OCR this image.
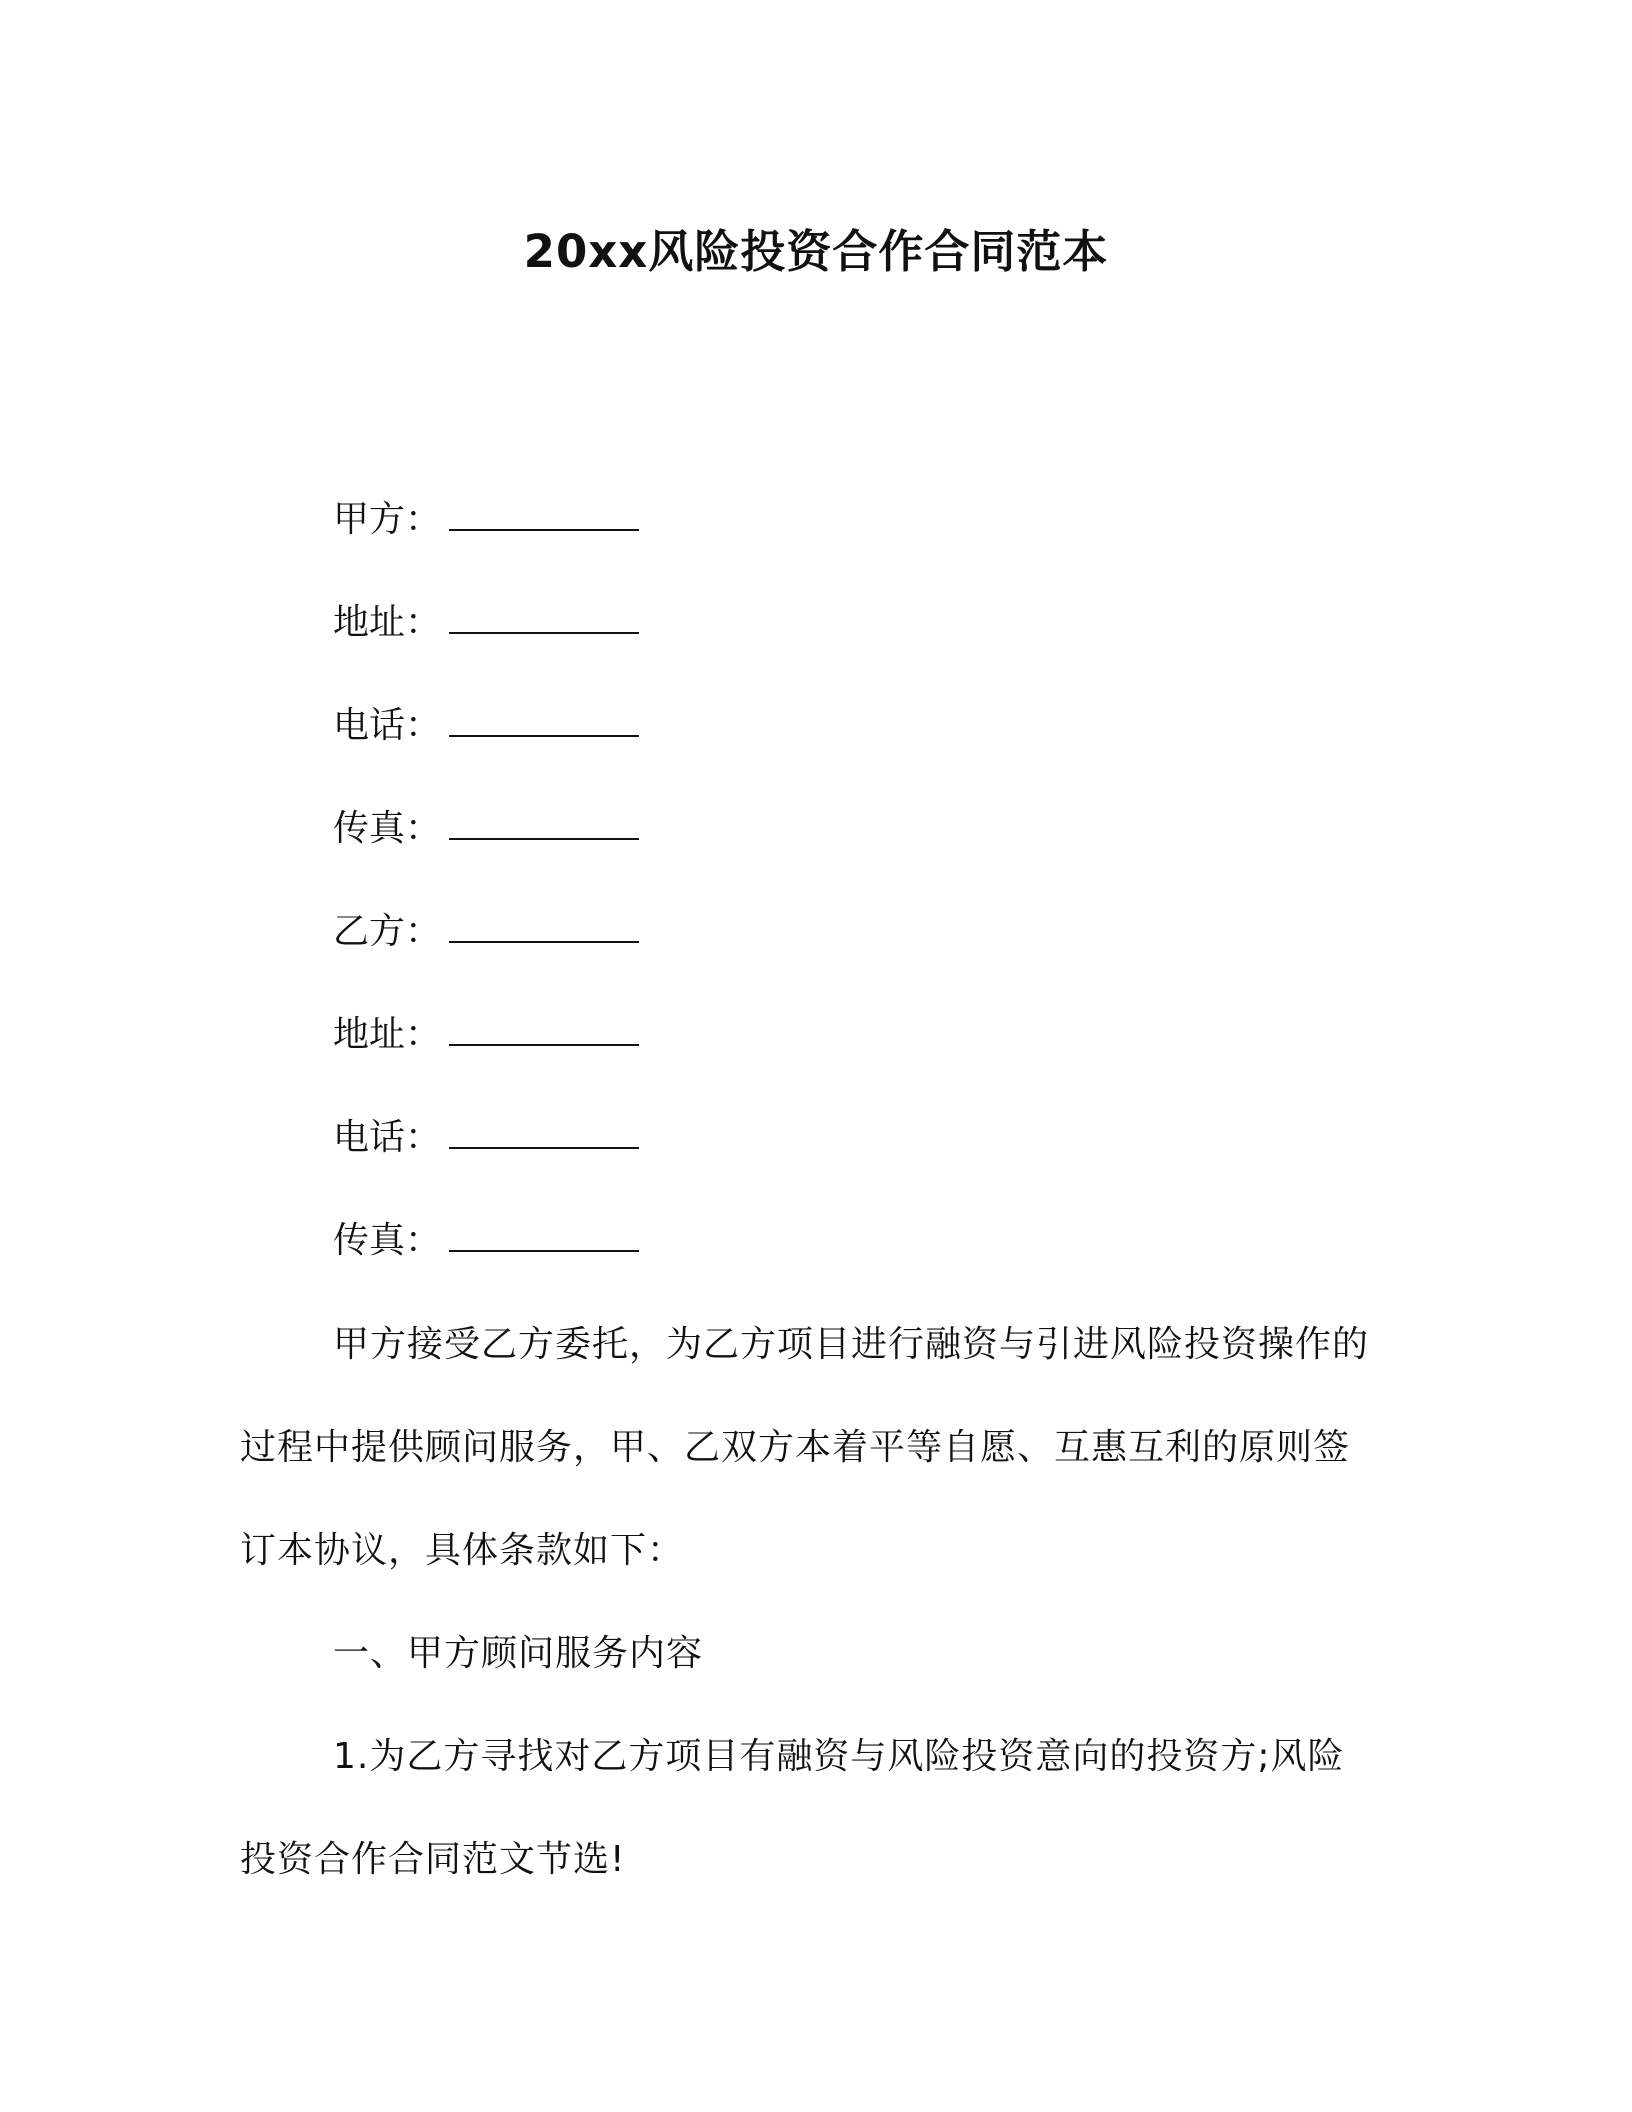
20xx风险投资合作合同范本
甲方：
地址：
电话：
传真：
乙方：
地址：
电话：
传真：
甲方接受乙方委托，为乙方项目进行融资与引进风险投资操作的过程中提供顾问服务，甲、乙双方本着平等自愿、互惠互利的原则签订本协议，具体条款如下：
一、甲方顾问服务内容
1.为乙方寻找对乙方项目有融资与风险投资意向的投资方;风险投资合作合同范文节选!
